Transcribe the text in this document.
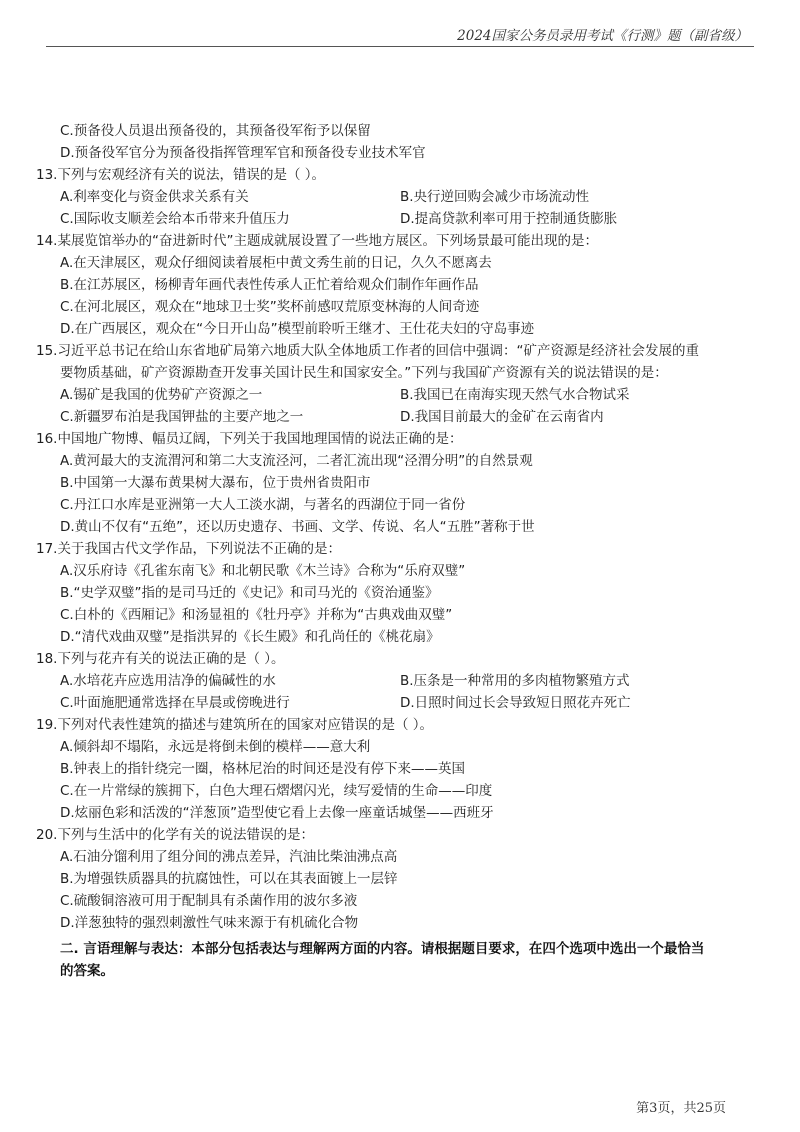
2024国家公务员录用考试《行测》题（副省级）
C.预备役人员退出预备役的，其预备役军衔予以保留
D.预备役军官分为预备役指挥管理军官和预备役专业技术军官
13.下列与宏观经济有关的说法，错误的是（ ）。
A.利率变化与资金供求关系有关	B.央行逆回购会减少市场流动性
C.国际收支顺差会给本币带来升值压力	D.提高贷款利率可用于控制通货膨胀
14.某展览馆举办的“奋进新时代”主题成就展设置了一些地方展区。下列场景最可能出现的是：
A.在天津展区，观众仔细阅读着展柜中黄文秀生前的日记，久久不愿离去
B.在江苏展区，杨柳青年画代表性传承人正忙着给观众们制作年画作品
C.在河北展区，观众在“地球卫士奖”奖杯前感叹荒原变林海的人间奇迹
D.在广西展区，观众在“今日开山岛”模型前聆听王继才、王仕花夫妇的守岛事迹
15.习近平总书记在给山东省地矿局第六地质大队全体地质工作者的回信中强调：“矿产资源是经济社会发展的重
要物质基础，矿产资源勘查开发事关国计民生和国家安全。”下列与我国矿产资源有关的说法错误的是：
A.锡矿是我国的优势矿产资源之一	B.我国已在南海实现天然气水合物试采
C.新疆罗布泊是我国钾盐的主要产地之一	D.我国目前最大的金矿在云南省内
16.中国地广物博、幅员辽阔，下列关于我国地理国情的说法正确的是：
A.黄河最大的支流渭河和第二大支流泾河，二者汇流出现“泾渭分明”的自然景观
B.中国第一大瀑布黄果树大瀑布，位于贵州省贵阳市
C.丹江口水库是亚洲第一大人工淡水湖，与著名的西湖位于同一省份
D.黄山不仅有“五绝”，还以历史遗存、书画、文学、传说、名人“五胜”著称于世
17.关于我国古代文学作品，下列说法不正确的是：
A.汉乐府诗《孔雀东南飞》和北朝民歌《木兰诗》合称为“乐府双璧”
B.“史学双璧”指的是司马迁的《史记》和司马光的《资治通鉴》
C.白朴的《西厢记》和汤显祖的《牡丹亭》并称为“古典戏曲双璧”
D.“清代戏曲双璧”是指洪昇的《长生殿》和孔尚任的《桃花扇》
18.下列与花卉有关的说法正确的是（ ）。
A.水培花卉应选用洁净的偏碱性的水	B.压条是一种常用的多肉植物繁殖方式
C.叶面施肥通常选择在早晨或傍晚进行	D.日照时间过长会导致短日照花卉死亡
19.下列对代表性建筑的描述与建筑所在的国家对应错误的是（ ）。
A.倾斜却不塌陷，永远是将倒未倒的模样——意大利
B.钟表上的指针绕完一圈，格林尼治的时间还是没有停下来——英国
C.在一片常绿的簇拥下，白色大理石熠熠闪光，续写爱情的生命——印度
D.炫丽色彩和活泼的“洋葱顶”造型使它看上去像一座童话城堡——西班牙
20.下列与生活中的化学有关的说法错误的是：
A.石油分馏利用了组分间的沸点差异，汽油比柴油沸点高
B.为增强铁质器具的抗腐蚀性，可以在其表面镀上一层锌
C.硫酸铜溶液可用于配制具有杀菌作用的波尔多液
D.洋葱独特的强烈刺激性气味来源于有机硫化合物
二. 言语理解与表达：本部分包括表达与理解两方面的内容。请根据题目要求，在四个选项中选出一个最恰当
的答案。
第3页，共25页
